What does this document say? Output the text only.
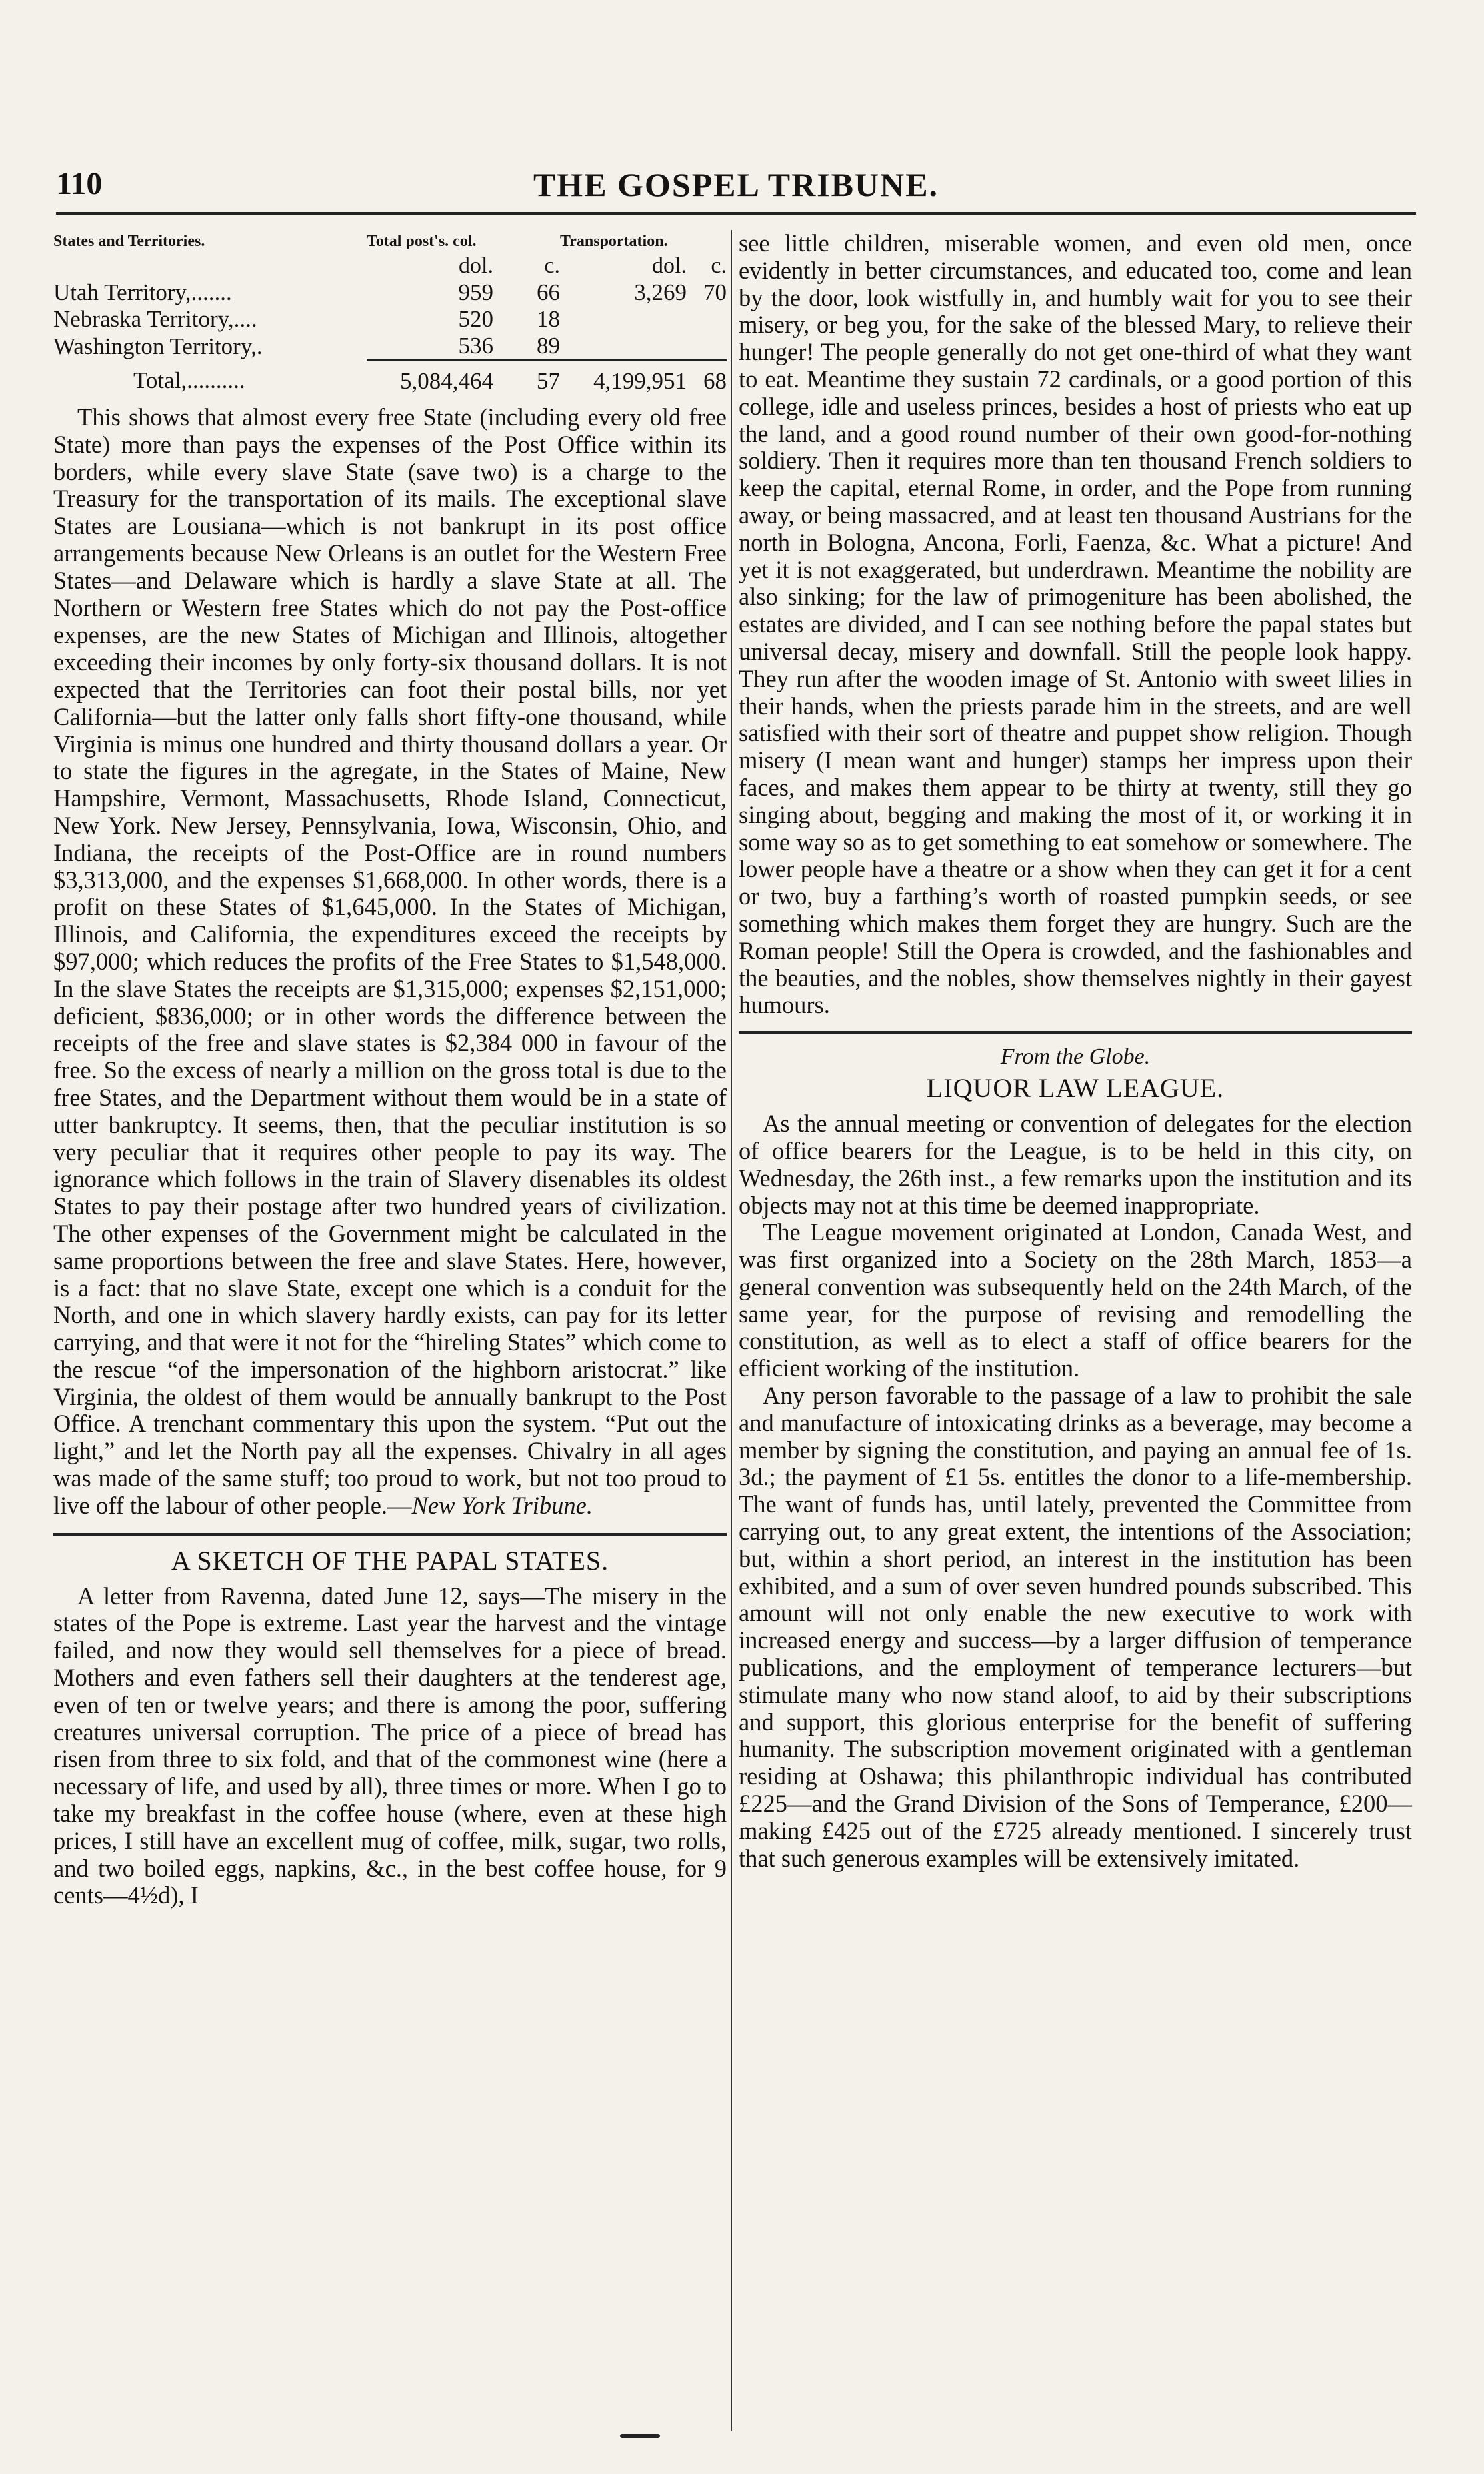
110	THE GOSPEL TRIBUNE.
States and Territories.	Total post's. col.		Transportation.	
	dol.	c.	dol.	c.
Utah Territory,.......	959	66	3,269	70
Nebraska Territory,....	520	18		
Washington Territory,.	536	89		
Total,..........	5,084,464	57	4,199,951	68

This shows that almost every free State (including every old free State) more than pays the expenses of the Post Office within its borders, while every slave State (save two) is a charge to the Treasury for the transportation of its mails. The exceptional slave States are Lousiana—which is not bankrupt in its post office arrangements because New Orleans is an outlet for the Western Free States—and Delaware which is hardly a slave State at all. The Northern or Western free States which do not pay the Post-office expenses, are the new States of Michigan and Illinois, altogether exceeding their incomes by only forty-six thousand dollars. It is not expected that the Territories can foot their postal bills, nor yet California—but the latter only falls short fifty-one thousand, while Virginia is minus one hundred and thirty thousand dollars a year. Or to state the figures in the agregate, in the States of Maine, New Hampshire, Vermont, Massachusetts, Rhode Island, Connecticut, New York. New Jersey, Pennsylvania, Iowa, Wisconsin, Ohio, and Indiana, the receipts of the Post-Office are in round numbers $3,313,000, and the expenses $1,668,000. In other words, there is a profit on these States of $1,645,000. In the States of Michigan, Illinois, and California, the expenditures exceed the receipts by $97,000; which reduces the profits of the Free States to $1,548,000. In the slave States the receipts are $1,315,000; expenses $2,151,000; deficient, $836,000; or in other words the difference between the receipts of the free and slave states is $2,384 000 in favour of the free. So the excess of nearly a million on the gross total is due to the free States, and the Department without them would be in a state of utter bankruptcy. It seems, then, that the peculiar institution is so very peculiar that it requires other people to pay its way. The ignorance which follows in the train of Slavery disenables its oldest States to pay their postage after two hundred years of civilization. The other expenses of the Government might be calculated in the same proportions between the free and slave States. Here, however, is a fact: that no slave State, except one which is a conduit for the North, and one in which slavery hardly exists, can pay for its letter carrying, and that were it not for the “hireling States” which come to the rescue “of the impersonation of the highborn aristocrat.” like Virginia, the oldest of them would be annually bankrupt to the Post Office. A trenchant commentary this upon the system. “Put out the light,” and let the North pay all the expenses. Chivalry in all ages was made of the same stuff; too proud to work, but not too proud to live off the labour of other people.—New York Tribune.

A SKETCH OF THE PAPAL STATES.

A letter from Ravenna, dated June 12, says—The misery in the states of the Pope is extreme. Last year the harvest and the vintage failed, and now they would sell themselves for a piece of bread. Mothers and even fathers sell their daughters at the tenderest age, even of ten or twelve years; and there is among the poor, suffering creatures universal corruption. The price of a piece of bread has risen from three to six fold, and that of the commonest wine (here a necessary of life, and used by all), three times or more. When I go to take my breakfast in the coffee house (where, even at these high prices, I still have an excellent mug of coffee, milk, sugar, two rolls, and two boiled eggs, napkins, &c., in the best coffee house, for 9 cents—4½d), I

see little children, miserable women, and even old men, once evidently in better circumstances, and educated too, come and lean by the door, look wistfully in, and humbly wait for you to see their misery, or beg you, for the sake of the blessed Mary, to relieve their hunger! The people generally do not get one-third of what they want to eat. Meantime they sustain 72 cardinals, or a good portion of this college, idle and useless princes, besides a host of priests who eat up the land, and a good round number of their own good-for-nothing soldiery. Then it requires more than ten thousand French soldiers to keep the capital, eternal Rome, in order, and the Pope from running away, or being massacred, and at least ten thousand Austrians for the north in Bologna, Ancona, Forli, Faenza, &c. What a picture! And yet it is not exaggerated, but underdrawn. Meantime the nobility are also sinking; for the law of primogeniture has been abolished, the estates are divided, and I can see nothing before the papal states but universal decay, misery and downfall. Still the people look happy. They run after the wooden image of St. Antonio with sweet lilies in their hands, when the priests parade him in the streets, and are well satisfied with their sort of theatre and puppet show religion. Though misery (I mean want and hunger) stamps her impress upon their faces, and makes them appear to be thirty at twenty, still they go singing about, begging and making the most of it, or working it in some way so as to get something to eat somehow or somewhere. The lower people have a theatre or a show when they can get it for a cent or two, buy a farthing’s worth of roasted pumpkin seeds, or see something which makes them forget they are hungry. Such are the Roman people! Still the Opera is crowded, and the fashionables and the beauties, and the nobles, show themselves nightly in their gayest humours.

From the Globe.
LIQUOR LAW LEAGUE.

As the annual meeting or convention of delegates for the election of office bearers for the League, is to be held in this city, on Wednesday, the 26th inst., a few remarks upon the institution and its objects may not at this time be deemed inappropriate.

The League movement originated at London, Canada West, and was first organized into a Society on the 28th March, 1853—a general convention was subsequently held on the 24th March, of the same year, for the purpose of revising and remodelling the constitution, as well as to elect a staff of office bearers for the efficient working of the institution.

Any person favorable to the passage of a law to prohibit the sale and manufacture of intoxicating drinks as a beverage, may become a member by signing the constitution, and paying an annual fee of 1s. 3d.; the payment of £1 5s. entitles the donor to a life-membership. The want of funds has, until lately, prevented the Committee from carrying out, to any great extent, the intentions of the Association; but, within a short period, an interest in the institution has been exhibited, and a sum of over seven hundred pounds subscribed. This amount will not only enable the new executive to work with increased energy and success—by a larger diffusion of temperance publications, and the employment of temperance lecturers—but stimulate many who now stand aloof, to aid by their subscriptions and support, this glorious enterprise for the benefit of suffering humanity. The subscription movement originated with a gentleman residing at Oshawa; this philanthropic individual has contributed £225—and the Grand Division of the Sons of Temperance, £200—making £425 out of the £725 already mentioned. I sincerely trust that such generous examples will be extensively imitated.
